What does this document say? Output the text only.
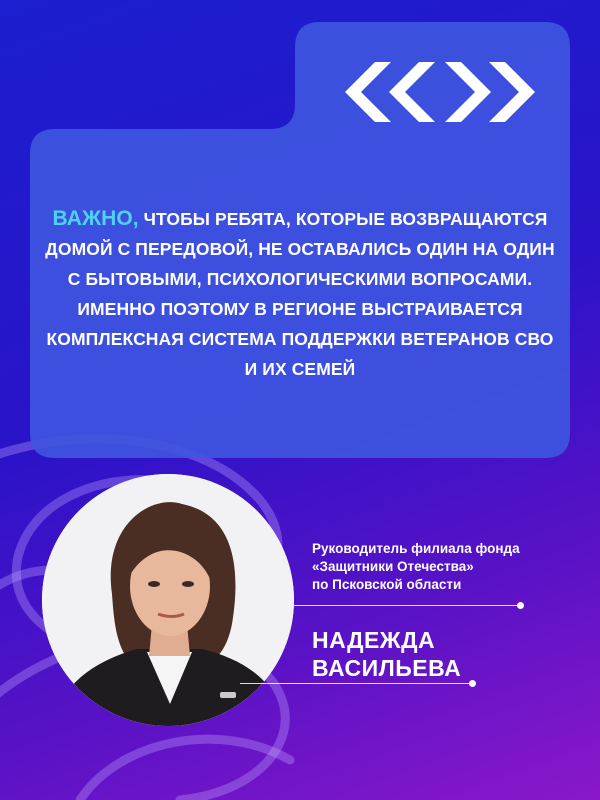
ВАЖНО, ЧТОБЫ РЕБЯТА, КОТОРЫЕ ВОЗВРАЩАЮТСЯ ДОМОЙ С ПЕРЕДОВОЙ, НЕ ОСТАВАЛИСЬ ОДИН НА ОДИН С БЫТОВЫМИ, ПСИХОЛОГИЧЕСКИМИ ВОПРОСАМИ. ИМЕННО ПОЭТОМУ В РЕГИОНЕ ВЫСТРАИВАЕТСЯ КОМПЛЕКСНАЯ СИСТЕМА ПОДДЕРЖКИ ВЕТЕРАНОВ СВО И ИХ СЕМЕЙ

Руководитель филиала фонда
«Защитники Отечества»
по Псковской области

НАДЕЖДА
ВАСИЛЬЕВА
